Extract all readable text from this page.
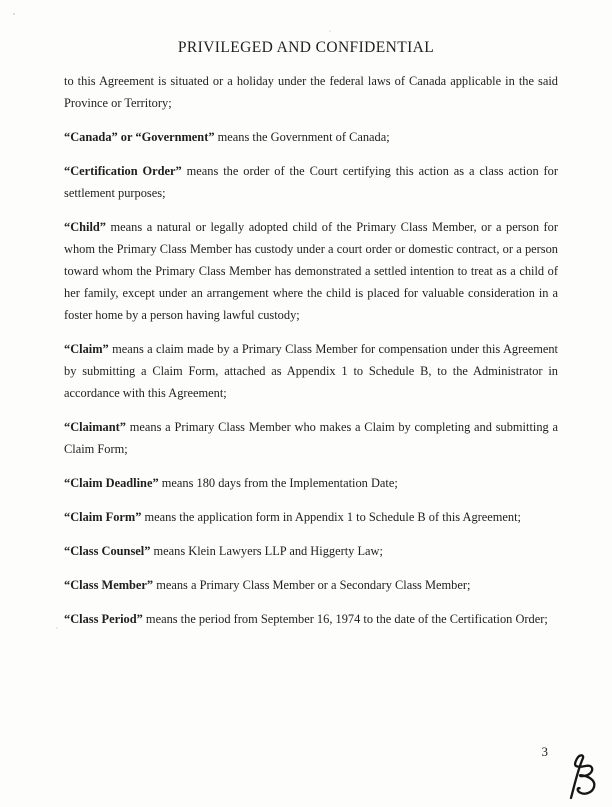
PRIVILEGED AND CONFIDENTIAL

to this Agreement is situated or a holiday under the federal laws of Canada applicable in the said Province or Territory;

“Canada” or “Government” means the Government of Canada;

“Certification Order” means the order of the Court certifying this action as a class action for settlement purposes;

“Child” means a natural or legally adopted child of the Primary Class Member, or a person for whom the Primary Class Member has custody under a court order or domestic contract, or a person toward whom the Primary Class Member has demonstrated a settled intention to treat as a child of her family, except under an arrangement where the child is placed for valuable consideration in a foster home by a person having lawful custody;

“Claim” means a claim made by a Primary Class Member for compensation under this Agreement by submitting a Claim Form, attached as Appendix 1 to Schedule B, to the Administrator in accordance with this Agreement;

“Claimant” means a Primary Class Member who makes a Claim by completing and submitting a Claim Form;

“Claim Deadline” means 180 days from the Implementation Date;

“Claim Form” means the application form in Appendix 1 to Schedule B of this Agreement;

“Class Counsel” means Klein Lawyers LLP and Higgerty Law;

“Class Member” means a Primary Class Member or a Secondary Class Member;

“Class Period” means the period from September 16, 1974 to the date of the Certification Order;

3
